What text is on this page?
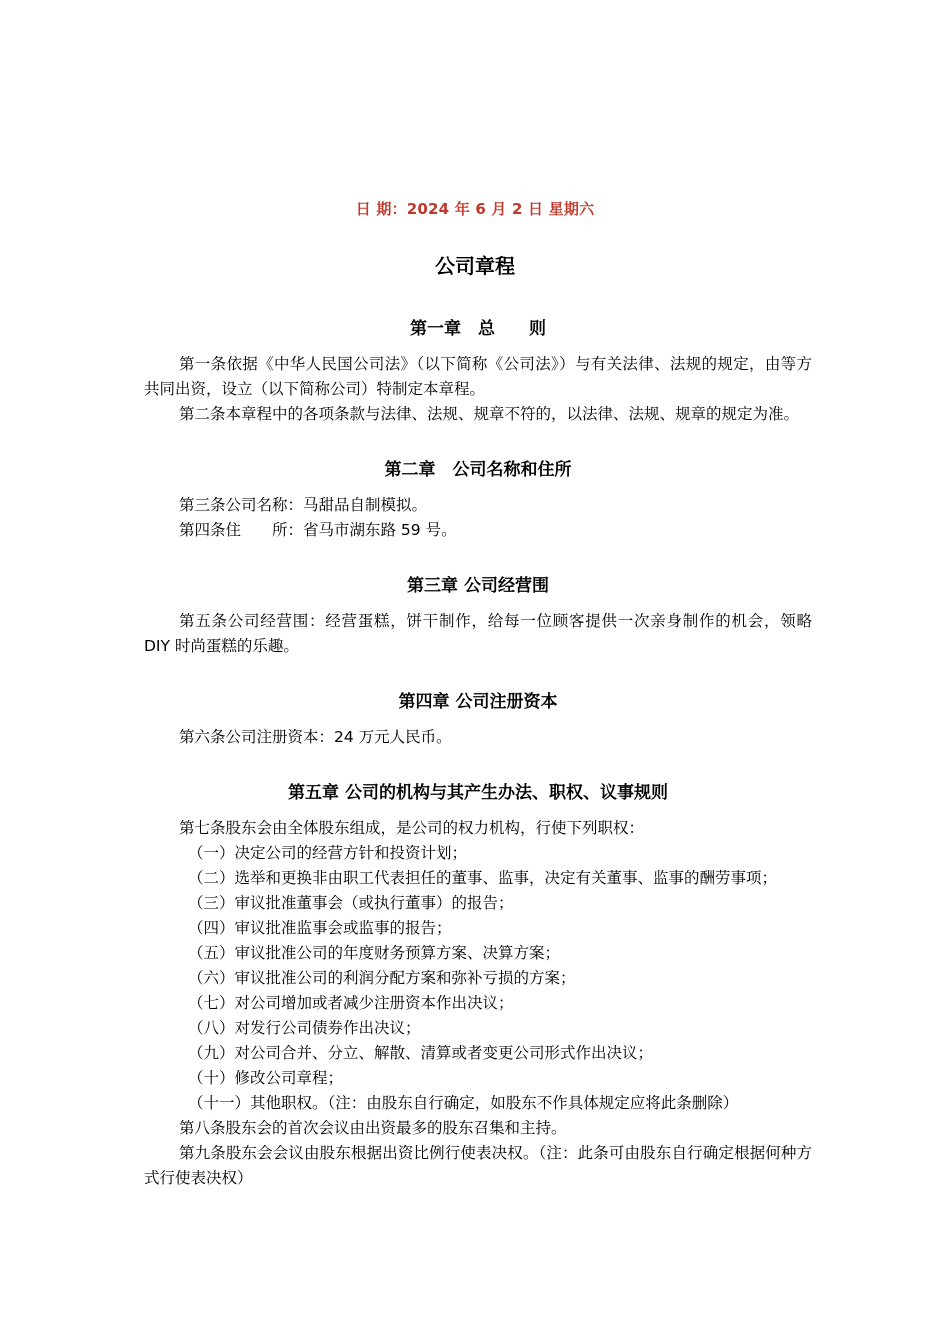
日 期：2024 年 6 月 2 日 星期六
公司章程
第一章　总　　则

第一条依据《中华人民国公司法》（以下简称《公司法》）与有关法律、法规的规定，由等方共同出资，设立（以下简称公司）特制定本章程。

第二条本章程中的各项条款与法律、法规、规章不符的，以法律、法规、规章的规定为准。

第二章　公司名称和住所

第三条公司名称：马甜品自制模拟。

第四条住　　所：省马市湖东路 59 号。

第三章 公司经营围

第五条公司经营围：经营蛋糕，饼干制作，给每一位顾客提供一次亲身制作的机会，领略 DIY 时尚蛋糕的乐趣。

第四章 公司注册资本

第六条公司注册资本：24 万元人民币。

第五章 公司的机构与其产生办法、职权、议事规则

第七条股东会由全体股东组成，是公司的权力机构，行使下列职权：

（一）决定公司的经营方针和投资计划；

（二）选举和更换非由职工代表担任的董事、监事，决定有关董事、监事的酬劳事项；

（三）审议批准董事会（或执行董事）的报告；

（四）审议批准监事会或监事的报告；

（五）审议批准公司的年度财务预算方案、决算方案；

（六）审议批准公司的利润分配方案和弥补亏损的方案；

（七）对公司增加或者减少注册资本作出决议；

（八）对发行公司债券作出决议；

（九）对公司合并、分立、解散、清算或者变更公司形式作出决议；

（十）修改公司章程；

（十一）其他职权。（注：由股东自行确定，如股东不作具体规定应将此条删除）

第八条股东会的首次会议由出资最多的股东召集和主持。

第九条股东会会议由股东根据出资比例行使表决权。（注：此条可由股东自行确定根据何种方式行使表决权）
